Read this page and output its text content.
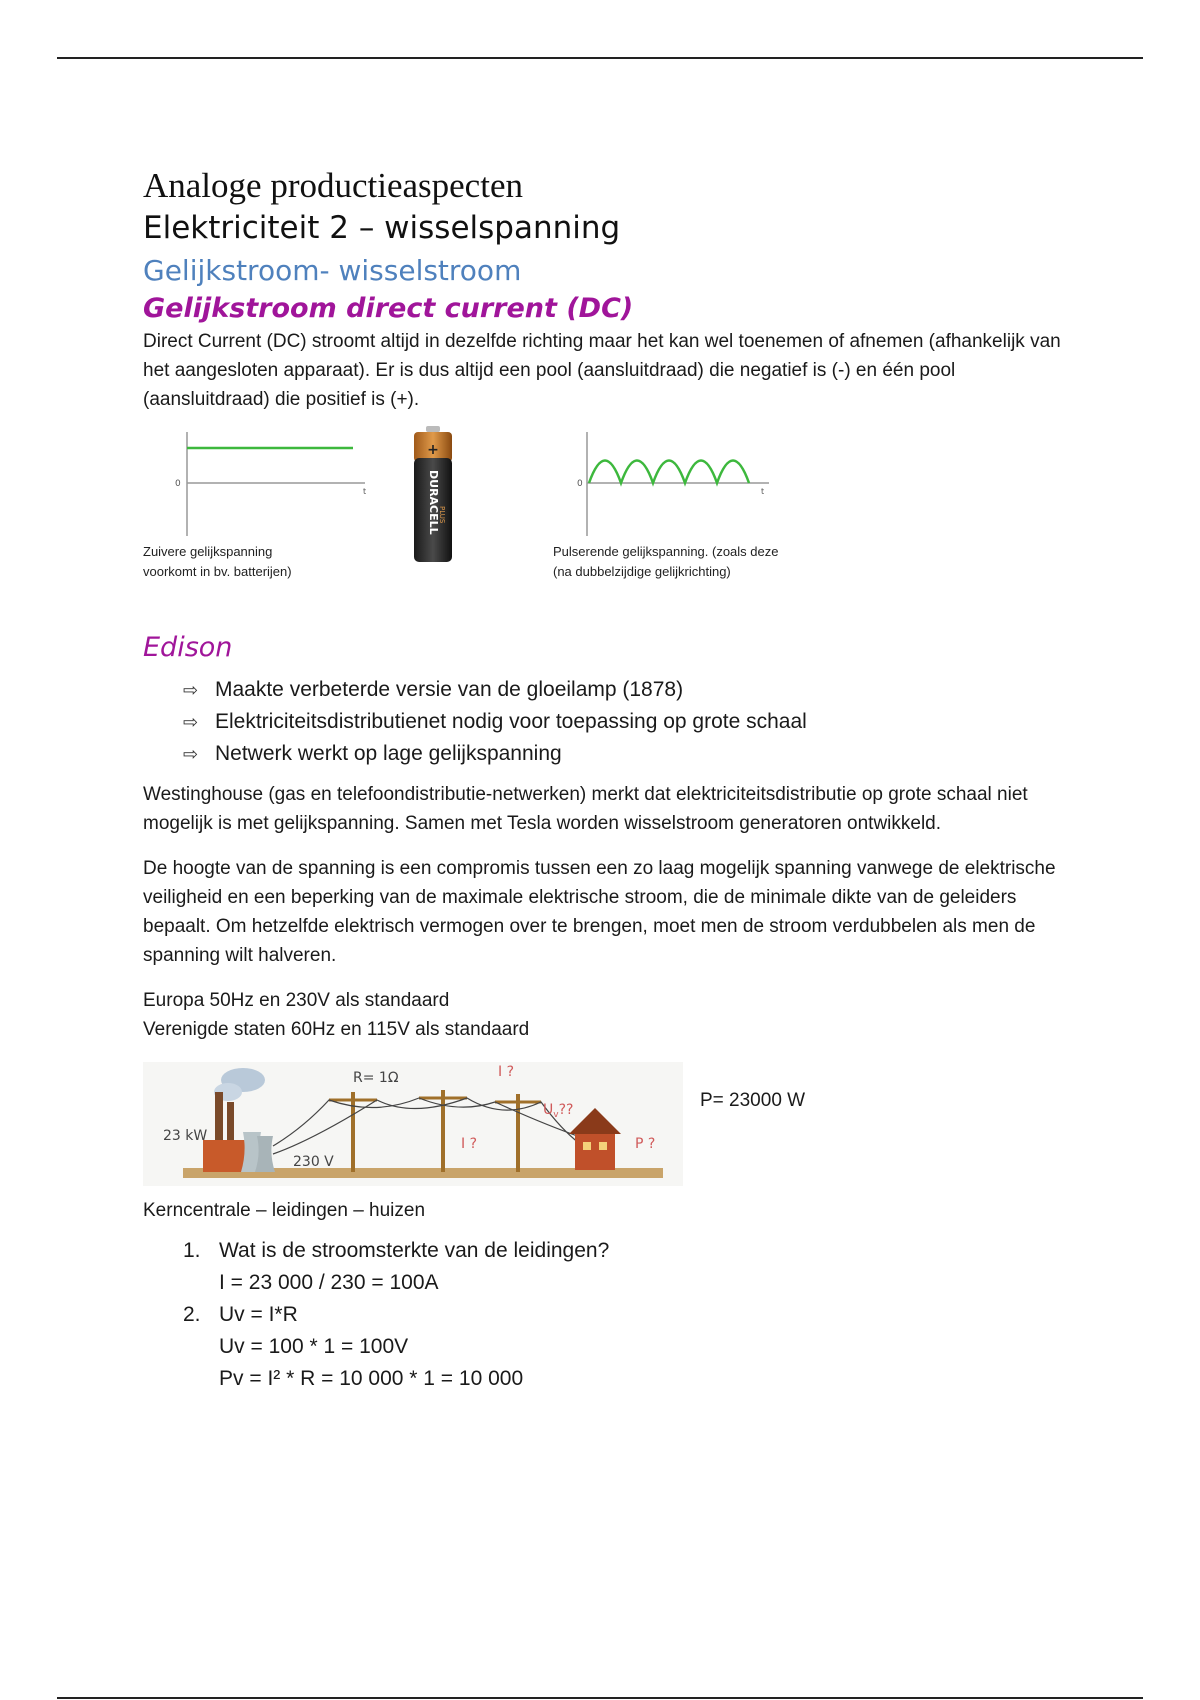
Analoge productieaspecten
Elektriciteit 2 – wisselspanning
Gelijkstroom- wisselstroom
Gelijkstroom direct current (DC)

Direct Current (DC) stroomt altijd in dezelfde richting maar het kan wel toenemen of afnemen (afhankelijk van het aangesloten apparaat). Er is dus altijd een pool (aansluitdraad) die negatief is (-) en één pool (aansluitdraad) die positief is (+).

0
t
Zuivere gelijkspanning
voorkomt in bv. batterijen)
+
DURACELL
PLUS
0
t
Pulserende gelijkspanning. (zoals deze
(na dubbelzijdige gelijkrichting)
Edison
⇨ Maakte verbeterde versie van de gloeilamp (1878)
⇨ Elektriciteitsdistributienet nodig voor toepassing op grote schaal
⇨ Netwerk werkt op lage gelijkspanning

Westinghouse (gas en telefoondistributie-netwerken) merkt dat elektriciteitsdistributie op grote schaal niet mogelijk is met gelijkspanning. Samen met Tesla worden wisselstroom generatoren ontwikkeld.

De hoogte van de spanning is een compromis tussen een zo laag mogelijk spanning vanwege de elektrische veiligheid en een beperking van de maximale elektrische stroom, die de minimale dikte van de geleiders bepaalt. Om hetzelfde elektrisch vermogen over te brengen, moet men de stroom verdubbelen als men de spanning wilt halveren.

Europa 50Hz en 230V als standaard

Verenigde staten 60Hz en 115V als standaard

23 kW
230 V
R= 1Ω	I ?
I ?
$U_v$??
P ?
P= 23000 W

Kerncentrale – leidingen – huizen

1. Wat is de stroomsterkte van de leidingen?
I = 23 000 / 230 = 100A
2. Uv = I*R
Uv = 100 * 1 = 100V
Pv = I² * R = 10 000 * 1 = 10 000
